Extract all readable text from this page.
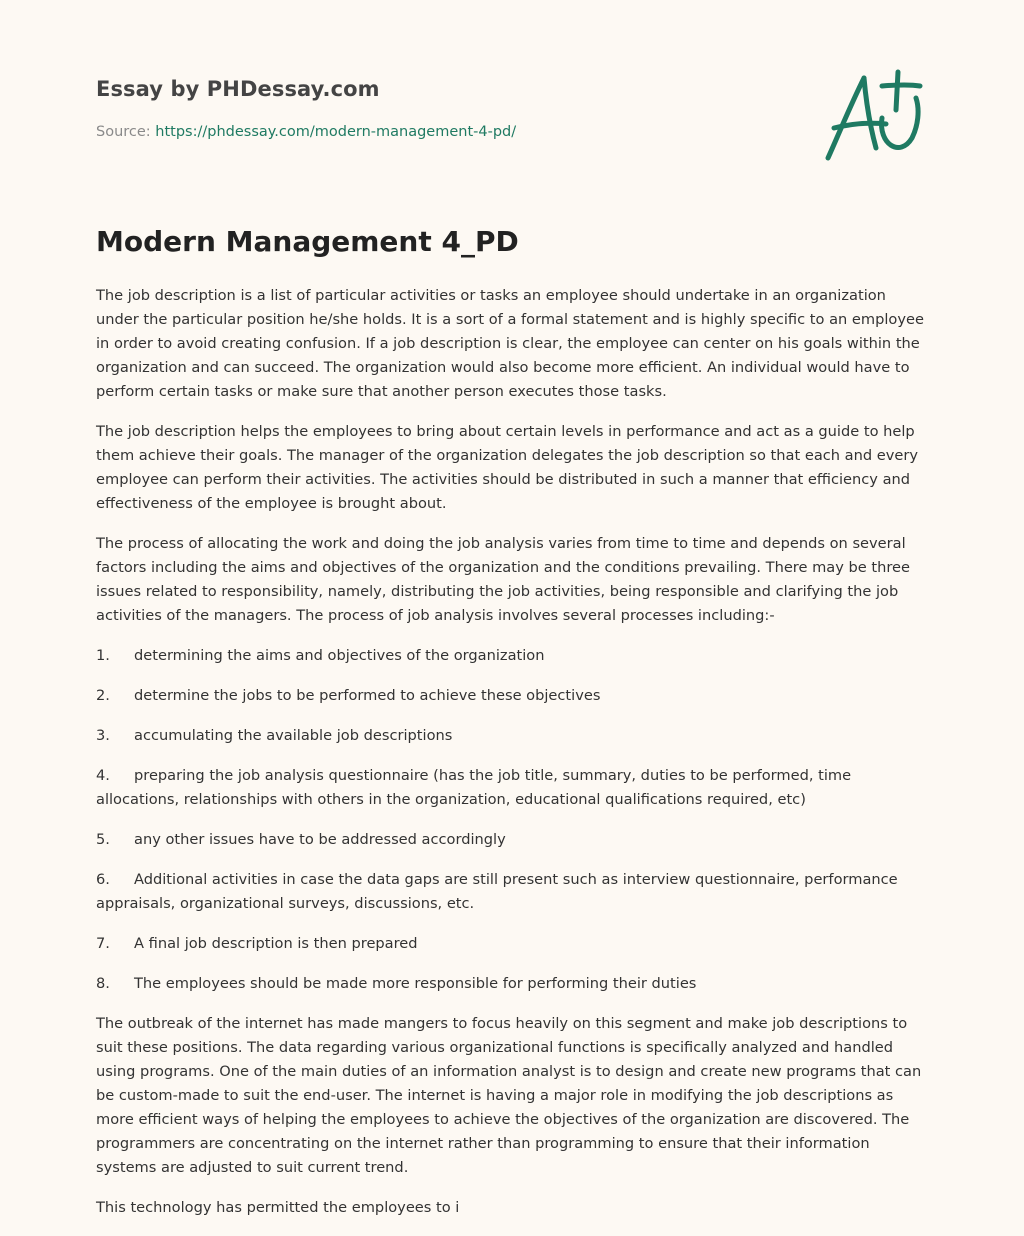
Essay by PHDessay.com
Source: https://phdessay.com/modern-management-4-pd/
Modern Management 4_PD

The job description is a list of particular activities or tasks an employee should undertake in an organization under the particular position he/she holds. It is a sort of a formal statement and is highly specific to an employee in order to avoid creating confusion. If a job description is clear, the employee can center on his goals within the organization and can succeed. The organization would also become more efficient. An individual would have to perform certain tasks or make sure that another person executes those tasks.

The job description helps the employees to bring about certain levels in performance and act as a guide to help them achieve their goals. The manager of the organization delegates the job description so that each and every employee can perform their activities. The activities should be distributed in such a manner that efficiency and effectiveness of the employee is brought about.

The process of allocating the work and doing the job analysis varies from time to time and depends on several factors including the aims and objectives of the organization and the conditions prevailing. There may be three issues related to responsibility, namely, distributing the job activities, being responsible and clarifying the job activities of the managers. The process of job analysis involves several processes including:-

1. determining the aims and objectives of the organization
2. determine the jobs to be performed to achieve these objectives
3. accumulating the available job descriptions
4. preparing the job analysis questionnaire (has the job title, summary, duties to be performed, time allocations, relationships with others in the organization, educational qualifications required, etc)
5. any other issues have to be addressed accordingly
6. Additional activities in case the data gaps are still present such as interview questionnaire, performance appraisals, organizational surveys, discussions, etc.
7. A final job description is then prepared
8. The employees should be made more responsible for performing their duties

The outbreak of the internet has made mangers to focus heavily on this segment and make job descriptions to suit these positions. The data regarding various organizational functions is specifically analyzed and handled using programs. One of the main duties of an information analyst is to design and create new programs that can be custom-made to suit the end-user. The internet is having a major role in modifying the job descriptions as more efficient ways of helping the employees to achieve the objectives of the organization are discovered. The programmers are concentrating on the internet rather than programming to ensure that their information systems are adjusted to suit current trend.

This technology has permitted the employees to i
